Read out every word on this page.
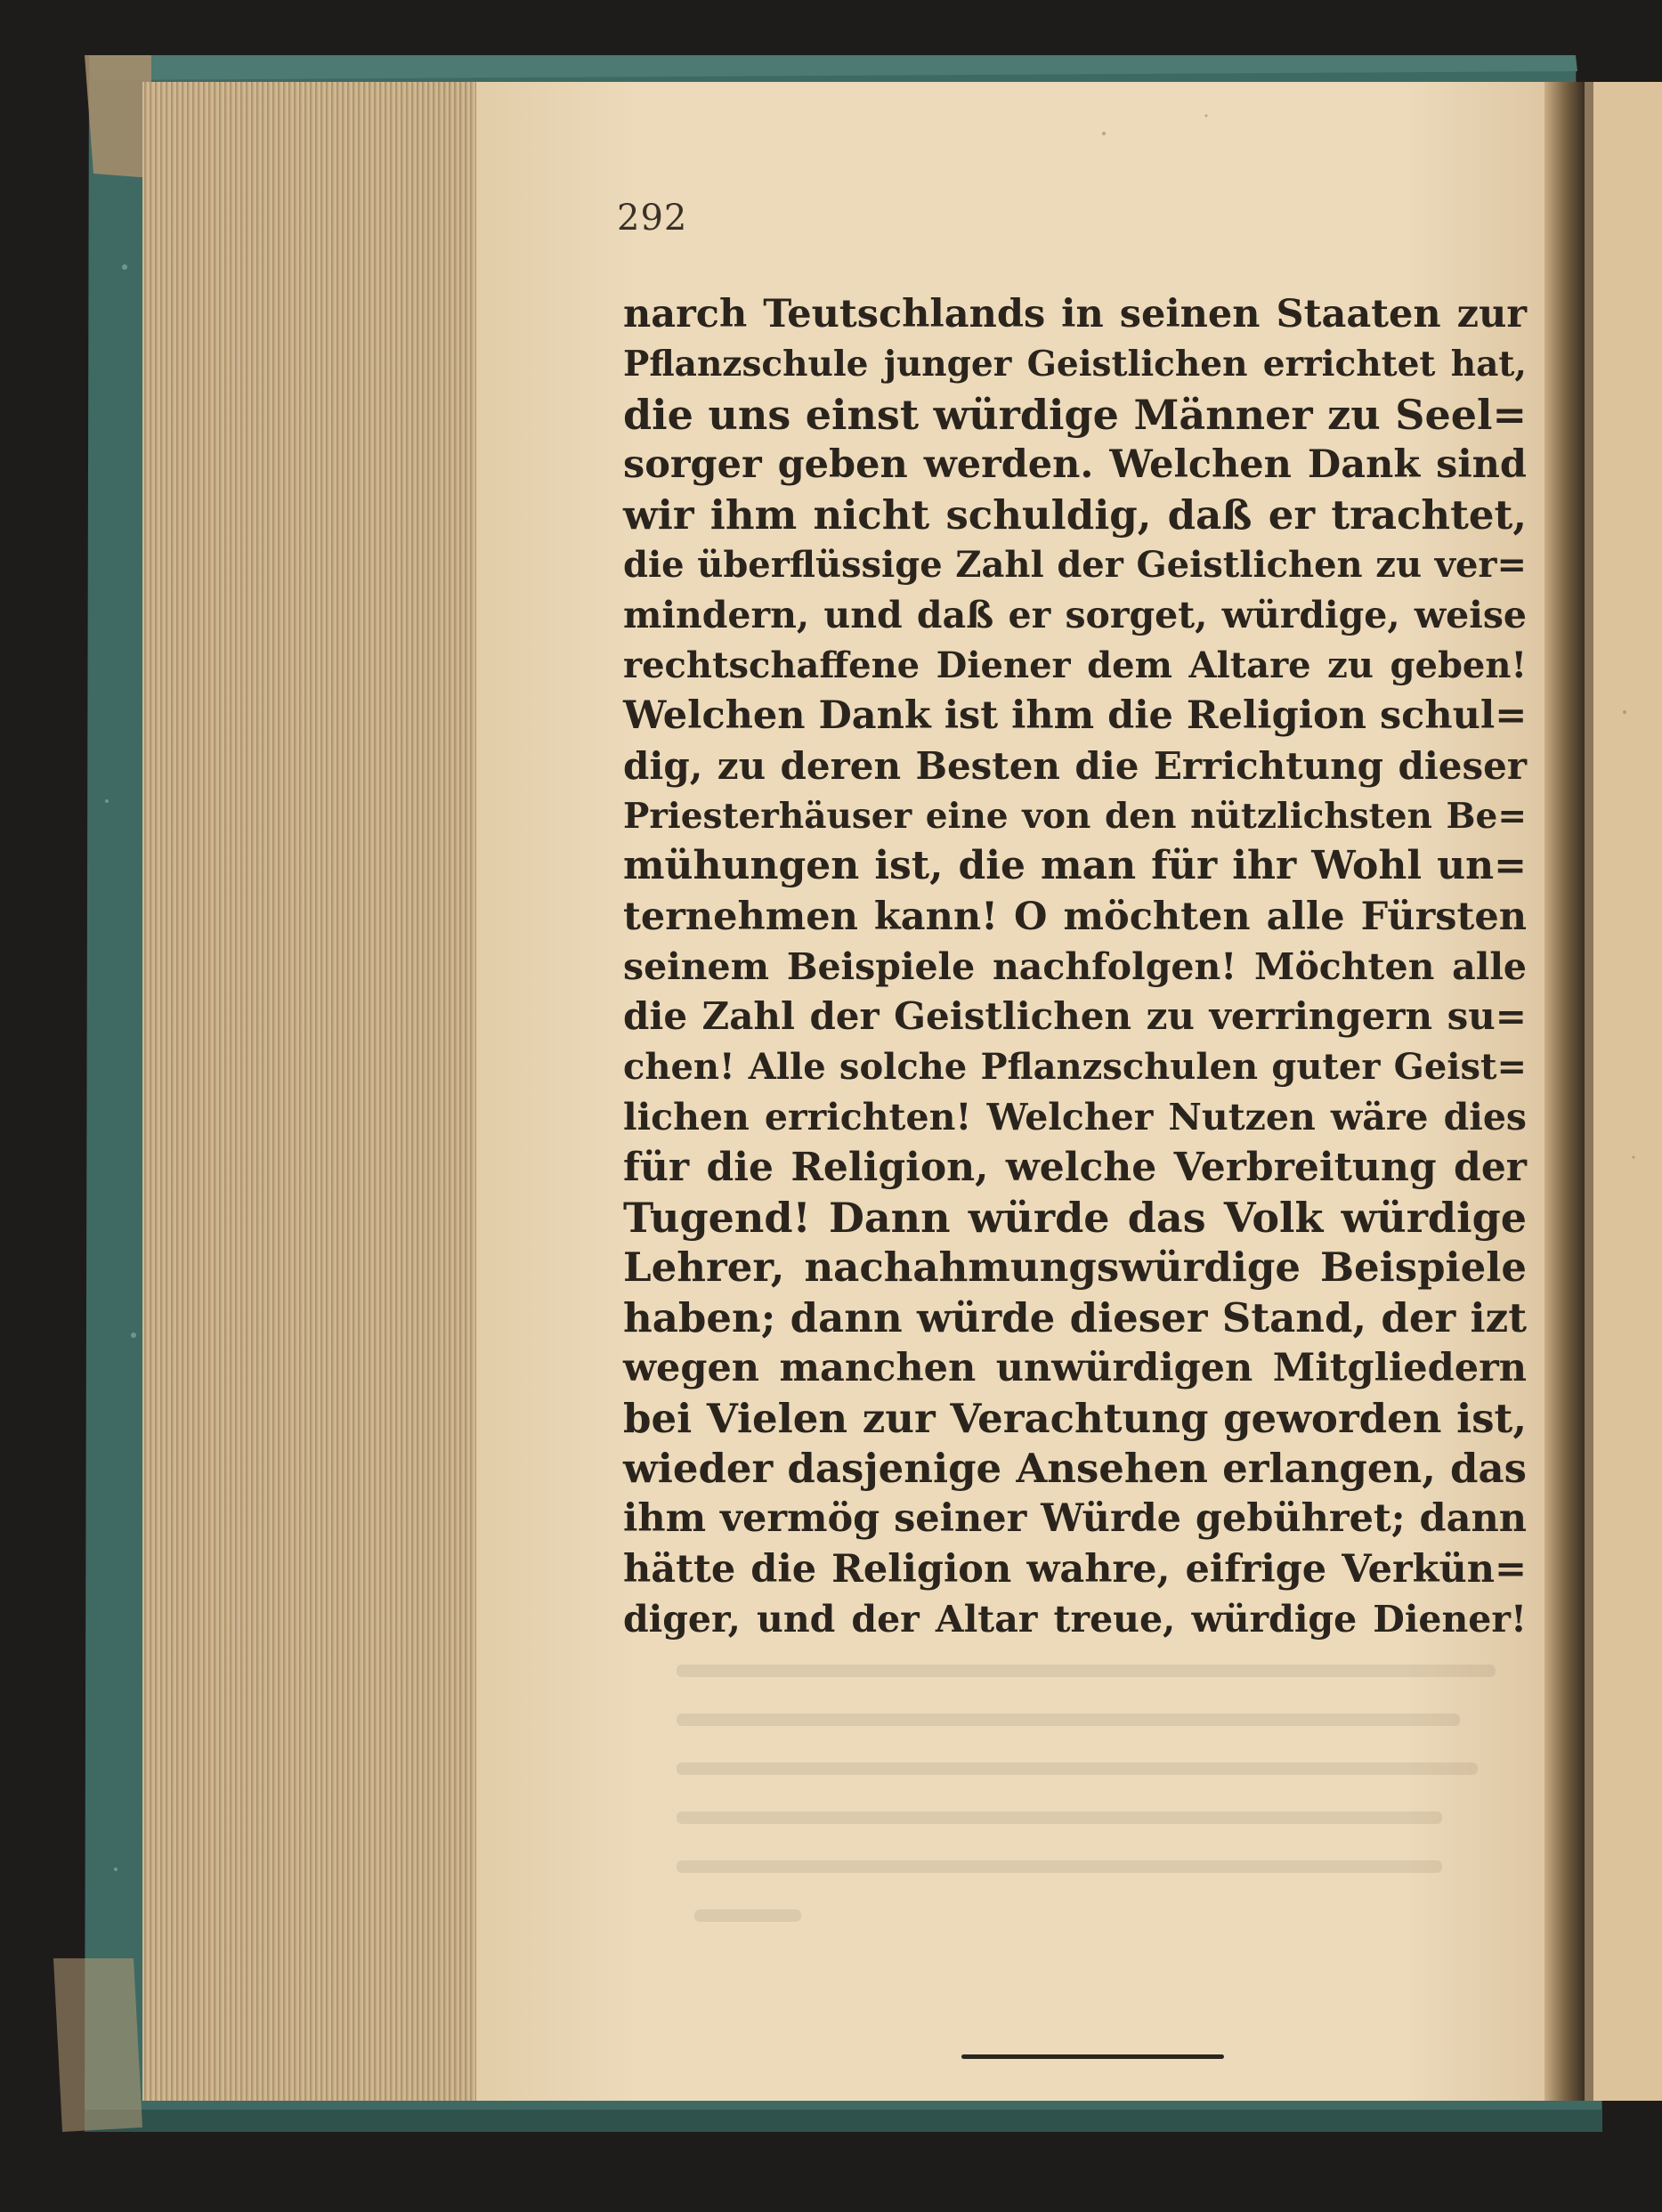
292
narch Teutschlands in seinen Staaten zur
Pflanzschule junger Geistlichen errichtet hat,
die uns einst würdige Männer zu Seel=
sorger geben werden. Welchen Dank sind
wir ihm nicht schuldig, daß er trachtet,
die überflüssige Zahl der Geistlichen zu ver=
mindern, und daß er sorget, würdige, weise
rechtschaffene Diener dem Altare zu geben!
Welchen Dank ist ihm die Religion schul=
dig, zu deren Besten die Errichtung dieser
Priesterhäuser eine von den nützlichsten Be=
mühungen ist, die man für ihr Wohl un=
ternehmen kann! O möchten alle Fürsten
seinem Beispiele nachfolgen! Möchten alle
die Zahl der Geistlichen zu verringern su=
chen! Alle solche Pflanzschulen guter Geist=
lichen errichten! Welcher Nutzen wäre dies
für die Religion, welche Verbreitung der
Tugend! Dann würde das Volk würdige
Lehrer, nachahmungswürdige Beispiele
haben; dann würde dieser Stand, der izt
wegen manchen unwürdigen Mitgliedern
bei Vielen zur Verachtung geworden ist,
wieder dasjenige Ansehen erlangen, das
ihm vermög seiner Würde gebühret; dann
hätte die Religion wahre, eifrige Verkün=
diger, und der Altar treue, würdige Diener!
